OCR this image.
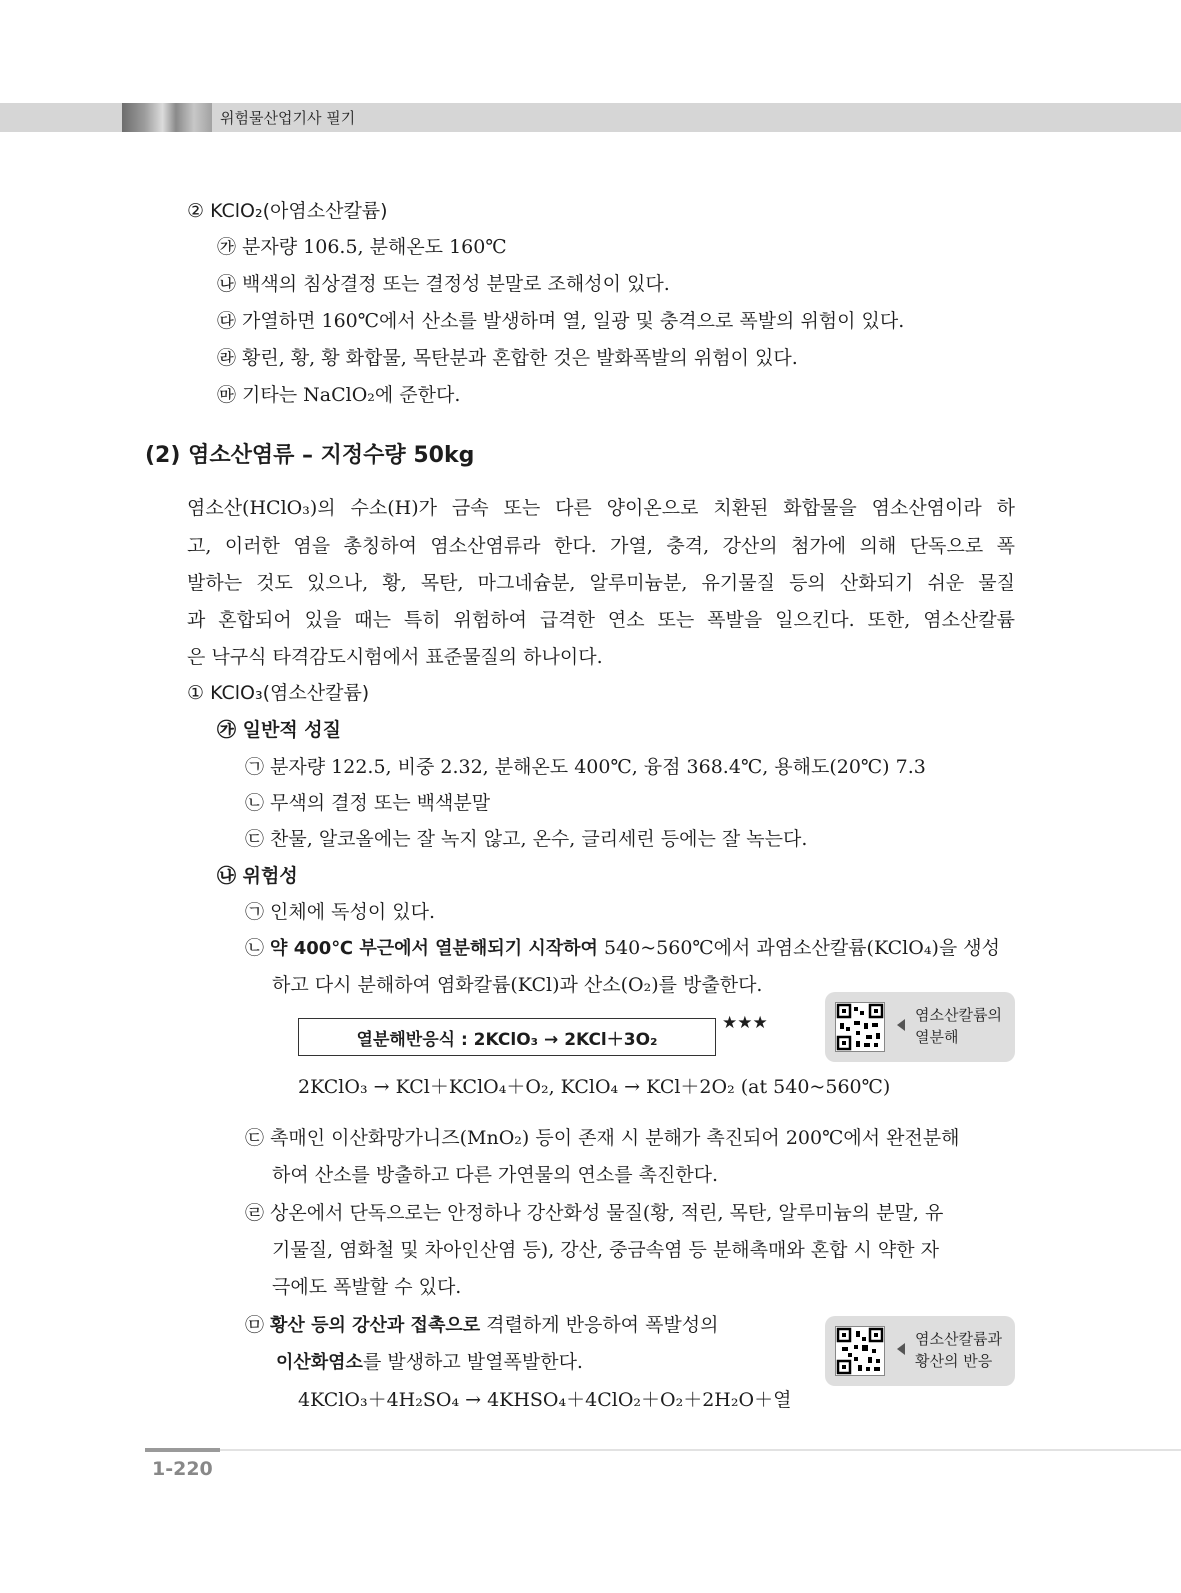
위험물산업기사 필기
② KClO₂(아염소산칼륨)
㉮ 분자량 106.5, 분해온도 160℃
㉯ 백색의 침상결정 또는 결정성 분말로 조해성이 있다.
㉰ 가열하면 160℃에서 산소를 발생하며 열, 일광 및 충격으로 폭발의 위험이 있다.
㉱ 황린, 황, 황 화합물, 목탄분과 혼합한 것은 발화폭발의 위험이 있다.
㉲ 기타는 NaClO₂에 준한다.
(2) 염소산염류 – 지정수량 50kg
염소산(HClO₃)의 수소(H)가 금속 또는 다른 양이온으로 치환된 화합물을 염소산염이라 하
고, 이러한 염을 총칭하여 염소산염류라 한다. 가열, 충격, 강산의 첨가에 의해 단독으로 폭
발하는 것도 있으나, 황, 목탄, 마그네슘분, 알루미늄분, 유기물질 등의 산화되기 쉬운 물질
과 혼합되어 있을 때는 특히 위험하여 급격한 연소 또는 폭발을 일으킨다. 또한, 염소산칼륨
은 낙구식 타격감도시험에서 표준물질의 하나이다.
① KClO₃(염소산칼륨)
㉮ 일반적 성질
㉠ 분자량 122.5, 비중 2.32, 분해온도 400℃, 융점 368.4℃, 용해도(20℃) 7.3
㉡ 무색의 결정 또는 백색분말
㉢ 찬물, 알코올에는 잘 녹지 않고, 온수, 글리세린 등에는 잘 녹는다.
㉯ 위험성
㉠ 인체에 독성이 있다.
㉡ 약 400℃ 부근에서 열분해되기 시작하여 540~560℃에서 과염소산칼륨(KClO₄)을 생성
하고 다시 분해하여 염화칼륨(KCl)과 산소(O₂)를 방출한다.
열분해반응식 : 2KClO₃ → 2KCl＋3O₂
★★★	염소산칼륨의 열분해
2KClO₃ → KCl＋KClO₄＋O₂, KClO₄ → KCl＋2O₂ (at 540~560℃)
㉢ 촉매인 이산화망가니즈(MnO₂) 등이 존재 시 분해가 촉진되어 200℃에서 완전분해
하여 산소를 방출하고 다른 가연물의 연소를 촉진한다.
㉣ 상온에서 단독으로는 안정하나 강산화성 물질(황, 적린, 목탄, 알루미늄의 분말, 유
기물질, 염화철 및 차아인산염 등), 강산, 중금속염 등 분해촉매와 혼합 시 약한 자
극에도 폭발할 수 있다.
㉤ 황산 등의 강산과 접촉으로 격렬하게 반응하여 폭발성의
이산화염소를 발생하고 발열폭발한다.
4KClO₃＋4H₂SO₄ → 4KHSO₄＋4ClO₂＋O₂＋2H₂O＋열
염소산칼륨과 황산의 반응
1-220
